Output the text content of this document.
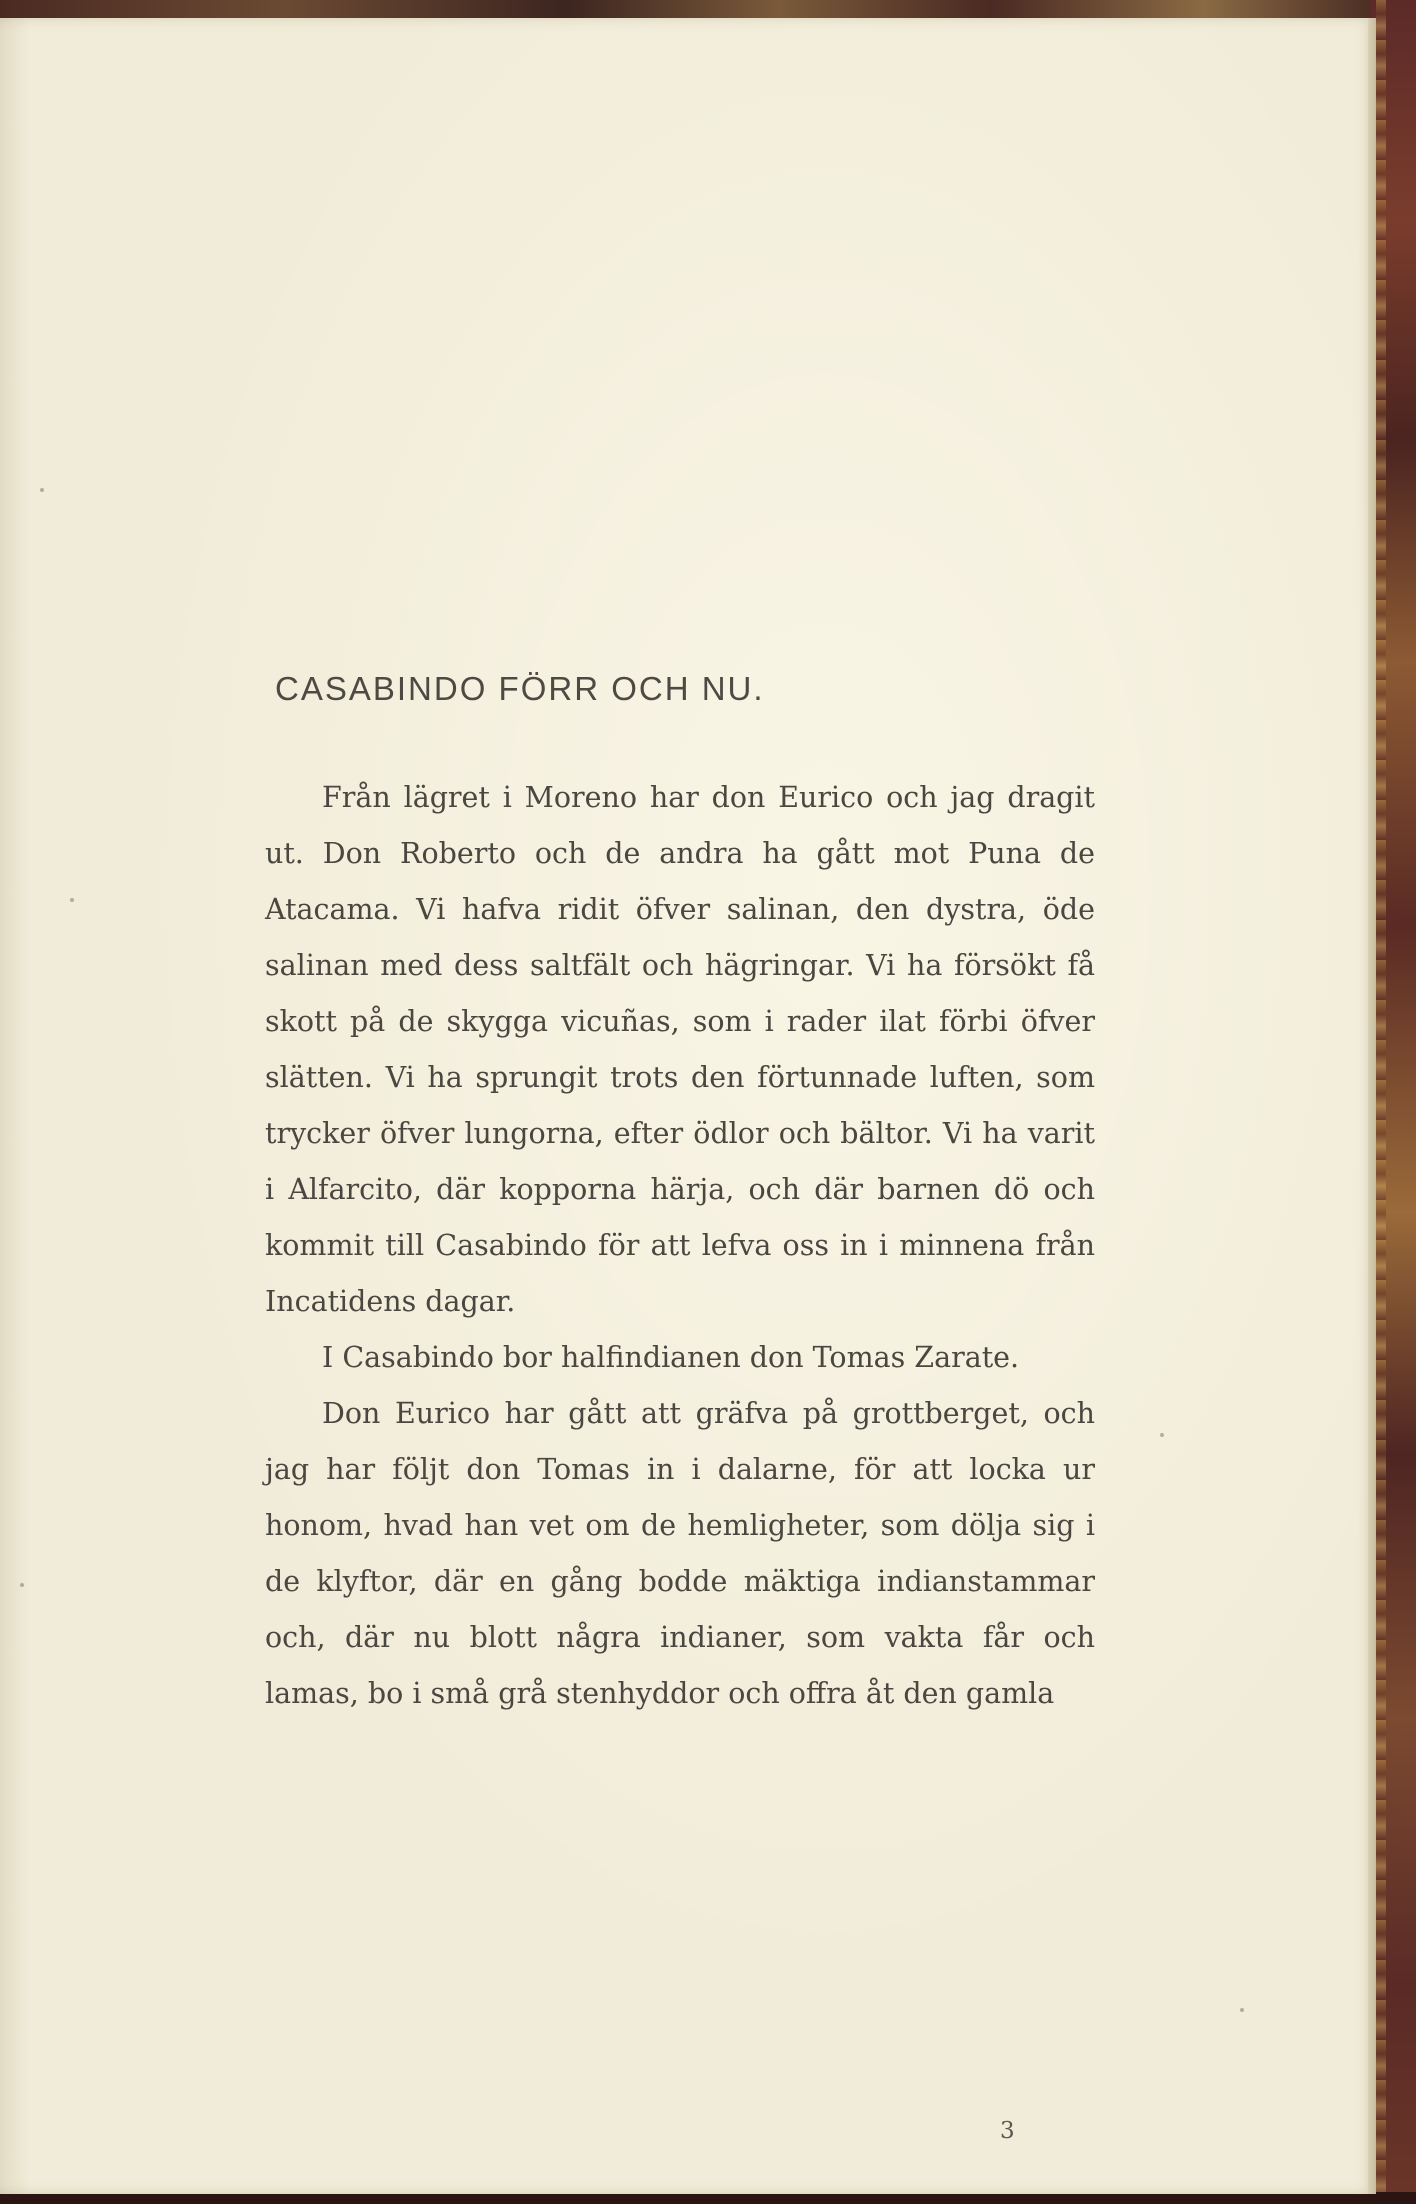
CASABINDO FÖRR OCH NU.

Från lägret i Moreno har don Eurico och jag dragit ut. Don Roberto och de andra ha gått mot Puna de Atacama. Vi hafva ridit öfver salinan, den dystra, öde salinan med dess saltfält och hägringar. Vi ha försökt få skott på de skygga vicuñas, som i rader ilat förbi öfver slätten. Vi ha sprungit trots den förtunnade luften, som trycker öfver lungorna, efter ödlor och bältor. Vi ha varit i Alfarcito, där kopporna härja, och där barnen dö och kommit till Casabindo för att lefva oss in i minnena från Incatidens dagar.

I Casabindo bor halfindianen don Tomas Zarate.

Don Eurico har gått att gräfva på grottberget, och jag har följt don Tomas in i dalarne, för att locka ur honom, hvad han vet om de hemligheter, som dölja sig i de klyftor, där en gång bodde mäktiga indianstammar och, där nu blott några indianer, som vakta får och lamas, bo i små grå stenhyddor och offra åt den gamla

3
